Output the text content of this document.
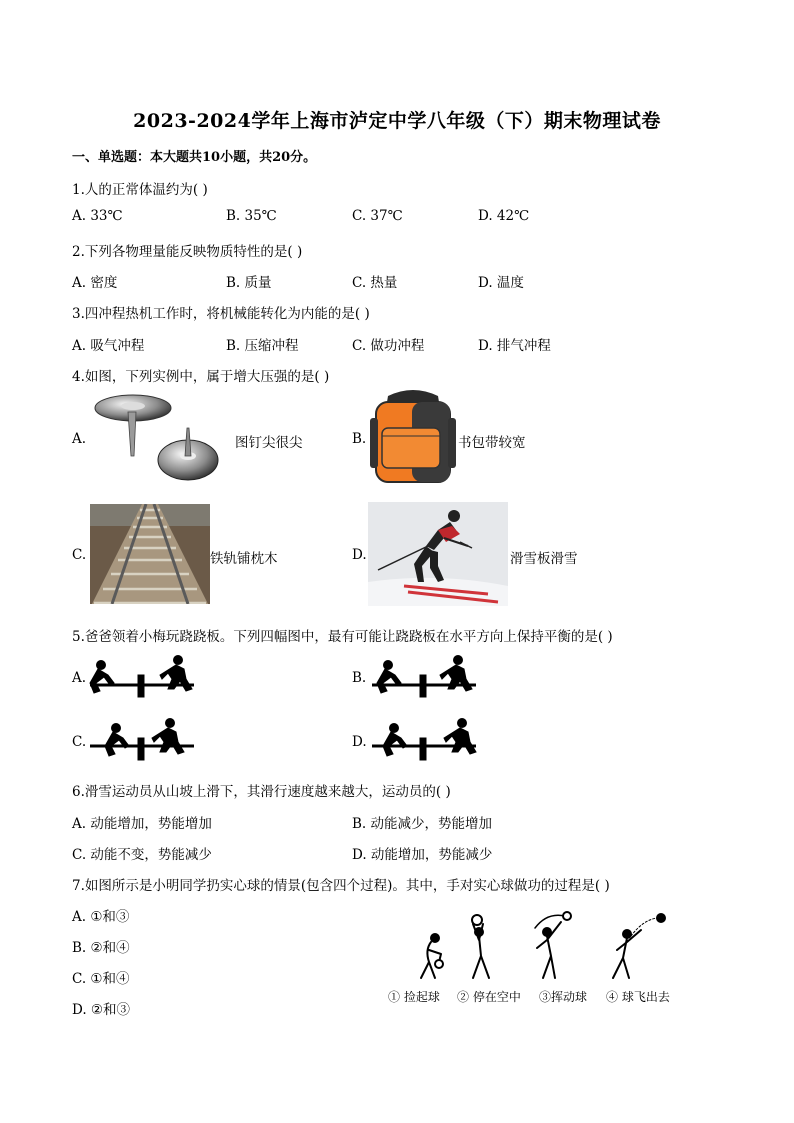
2023-2024学年上海市泸定中学八年级（下）期末物理试卷
一、单选题：本大题共10小题，共20分。
1.人的正常体温约为( )
A. 33℃	B. 35℃	C. 37℃	D. 42℃
2.下列各物理量能反映物质特性的是( )
A. 密度	B. 质量	C. 热量	D. 温度
3.四冲程热机工作时，将机械能转化为内能的是( )
A. 吸气冲程	B. 压缩冲程	C. 做功冲程	D. 排气冲程
4.如图，下列实例中，属于增大压强的是( )
A.	图钉尖很尖	B.	书包带较宽
C.	铁轨铺枕木	D.	滑雪板滑雪
5.爸爸领着小梅玩跷跷板。下列四幅图中，最有可能让跷跷板在水平方向上保持平衡的是( )
A.	B.
C.	D.
6.滑雪运动员从山坡上滑下，其滑行速度越来越大，运动员的( )
A. 动能增加，势能增加	B. 动能减少，势能增加
C. 动能不变，势能减少	D. 动能增加，势能减少
7.如图所示是小明同学扔实心球的情景(包含四个过程)。其中，手对实心球做功的过程是( )
A. ①和③
B. ②和④
C. ①和④
D. ②和③
① 捡起球 ② 停在空中 ③挥动球 ④ 球飞出去
